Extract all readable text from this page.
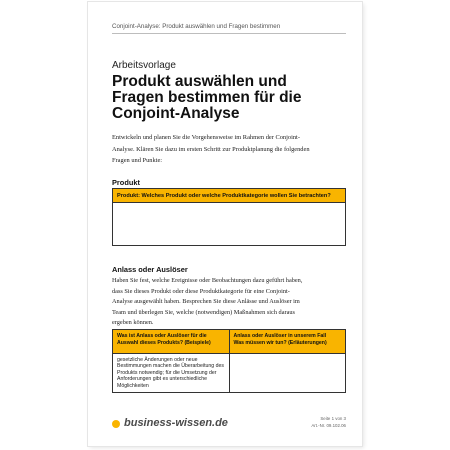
Conjoint-Analyse: Produkt auswählen und Fragen bestimmen
Arbeitsvorlage
Produkt auswählen und
Fragen bestimmen für die
Conjoint-Analyse
Entwickeln und planen Sie die Vorgehensweise im Rahmen der Conjoint-
Analyse. Klären Sie dazu im ersten Schritt zur Produktplanung die folgenden
Fragen und Punkte:
Produkt
Produkt: Welches Produkt oder welche Produktkategorie wollen Sie betrachten?
Anlass oder Auslöser
Haben Sie fest, welche Ereignisse oder Beobachtungen dazu geführt haben,
dass Sie dieses Produkt oder diese Produktkategorie für eine Conjoint-
Analyse ausgewählt haben. Besprechen Sie diese Anlässe und Auslöser im
Team und überlegen Sie, welche (notwendigen) Maßnahmen sich daraus
ergeben können.
Was ist Anlass oder Auslöser für die
Auswahl dieses Produkts? (Beispiele)	Anlass oder Auslöser in unserem Fall
Was müssen wir tun? (Erläuterungen)

gesetzliche Änderungen oder neue
Bestimmungen machen die Überarbeitung des
Produkts notwendig; für die Umsetzung der
Anforderungen gibt es unterschiedliche
Möglichkeiten	

business-wissen.de	Seite 1 von 3
Art.-Nr. 09.102.06
